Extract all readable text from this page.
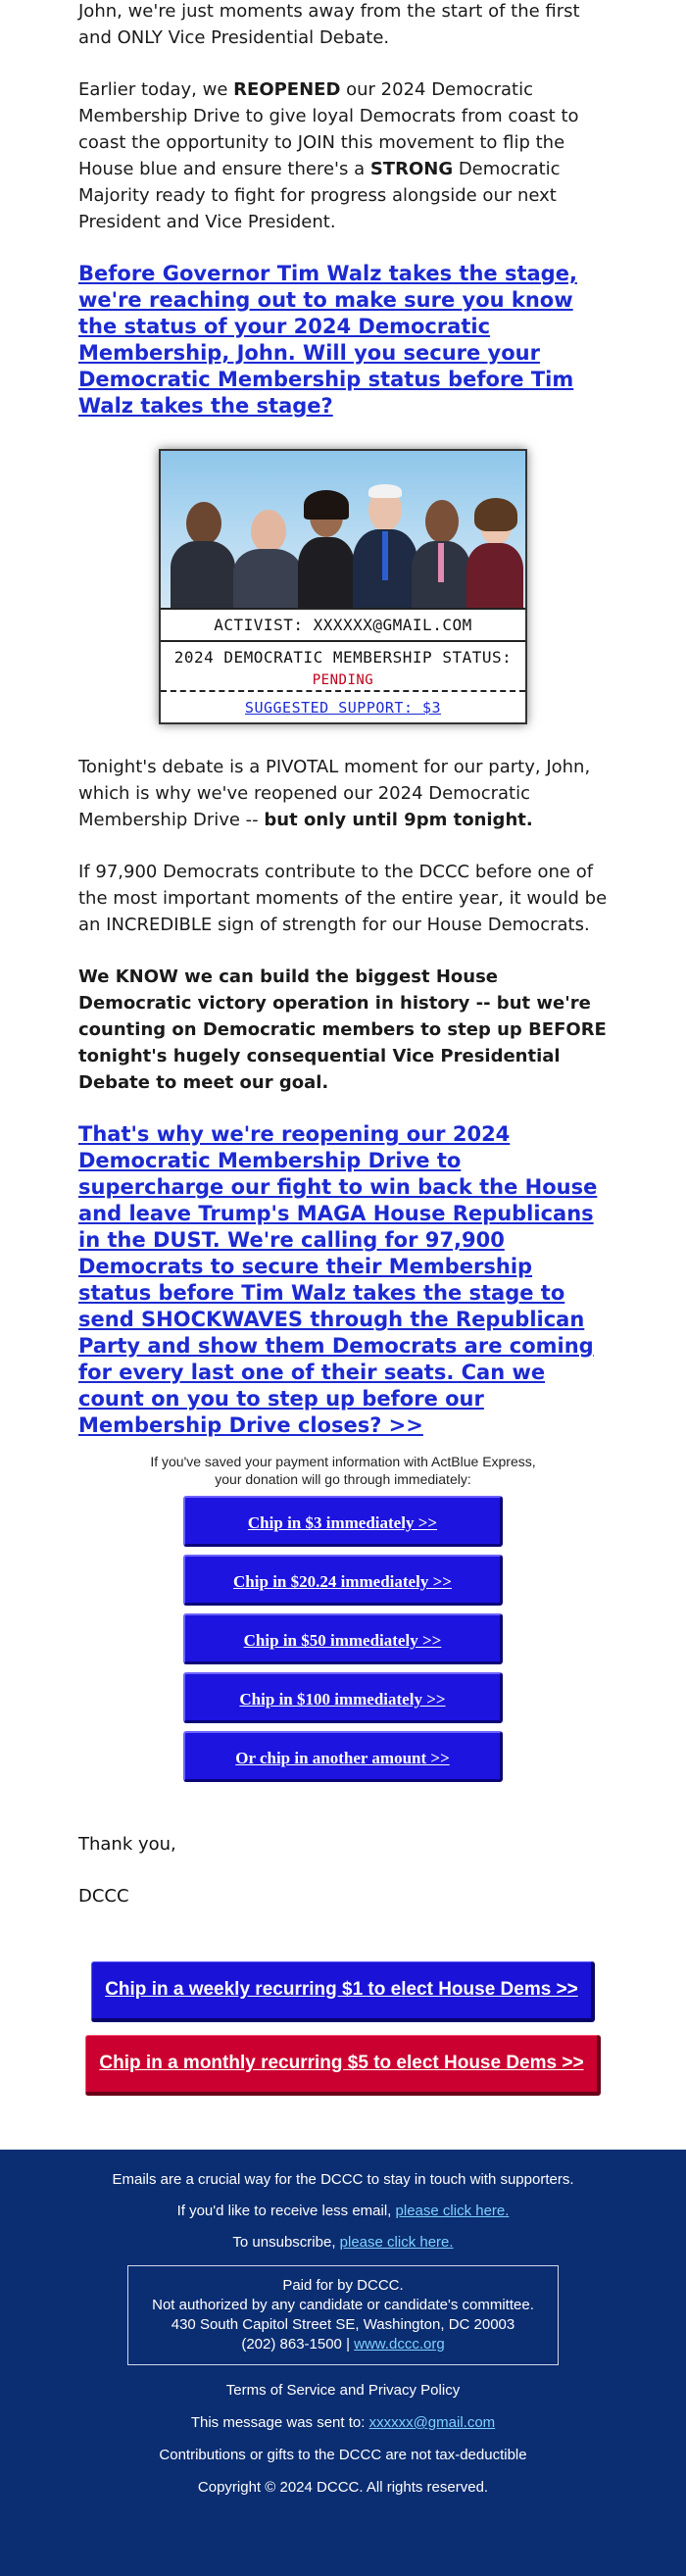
John, we're just moments away from the start of the first and ONLY Vice Presidential Debate.

Earlier today, we REOPENED our 2024 Democratic Membership Drive to give loyal Democrats from coast to coast the opportunity to JOIN this movement to flip the House blue and ensure there's a STRONG Democratic Majority ready to fight for progress alongside our next President and Vice President.

Before Governor Tim Walz takes the stage, we're reaching out to make sure you know the status of your 2024 Democratic Membership, John. Will you secure your Democratic Membership status before Tim Walz takes the stage?
ACTIVIST: XXXXXX@GMAIL.COM
2024 DEMOCRATIC MEMBERSHIP STATUS:
PENDING
SUGGESTED SUPPORT: $3

Tonight's debate is a PIVOTAL moment for our party, John, which is why we've reopened our 2024 Democratic Membership Drive -- but only until 9pm tonight.

If 97,900 Democrats contribute to the DCCC before one of the most important moments of the entire year, it would be an INCREDIBLE sign of strength for our House Democrats.

We KNOW we can build the biggest House Democratic victory operation in history -- but we're counting on Democratic members to step up BEFORE tonight's hugely consequential Vice Presidential Debate to meet our goal.

That's why we're reopening our 2024 Democratic Membership Drive to supercharge our fight to win back the House and leave Trump's MAGA House Republicans in the DUST. We're calling for 97,900 Democrats to secure their Membership status before Tim Walz takes the stage to send SHOCKWAVES through the Republican Party and show them Democrats are coming for every last one of their seats. Can we count on you to step up before our Membership Drive closes? >>
If you've saved your payment information with ActBlue Express,
your donation will go through immediately:
Chip in $3 immediately >>
Chip in $20.24 immediately >>
Chip in $50 immediately >>
Chip in $100 immediately >>
Or chip in another amount >>

Thank you,

DCCC

Chip in a weekly recurring $1 to elect House Dems >>
Chip in a monthly recurring $5 to elect House Dems >>

Emails are a crucial way for the DCCC to stay in touch with supporters.

If you'd like to receive less email, please click here.

To unsubscribe, please click here.

Paid for by DCCC.
Not authorized by any candidate or candidate's committee.
430 South Capitol Street SE, Washington, DC 20003
(202) 863-1500 | www.dccc.org

Terms of Service and Privacy Policy

This message was sent to: xxxxxx@gmail.com

Contributions or gifts to the DCCC are not tax-deductible

Copyright © 2024 DCCC. All rights reserved.
